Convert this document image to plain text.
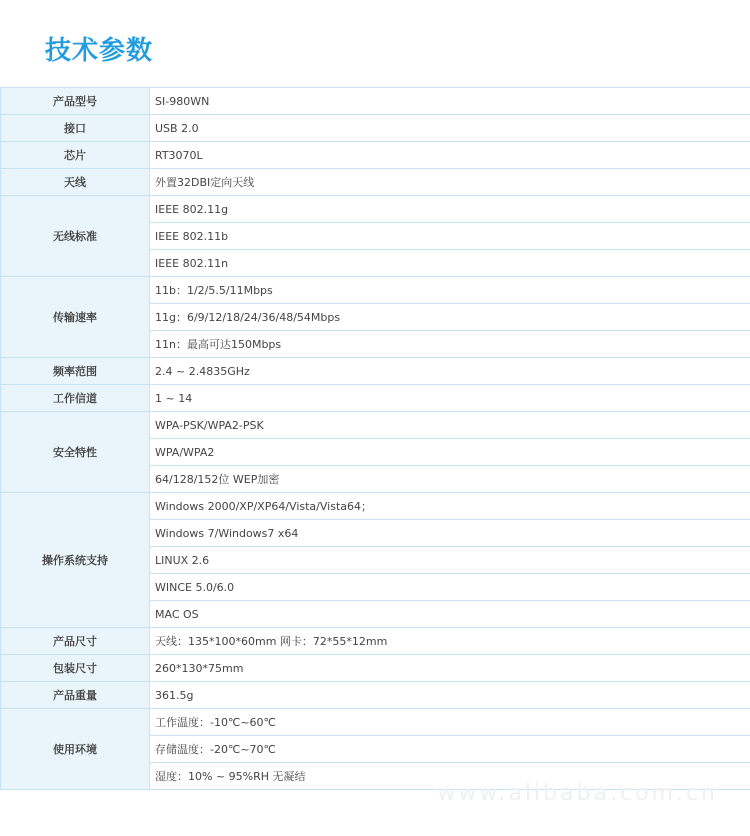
技术参数
产品型号	SI-980WN
接口	USB 2.0
芯片	RT3070L
天线	外置32DBI定向天线
无线标准	IEEE 802.11g
	IEEE 802.11b
	IEEE 802.11n
传输速率	11b：1/2/5.5/11Mbps
	11g：6/9/12/18/24/36/48/54Mbps
	11n：最高可达150Mbps
频率范围	2.4 ~ 2.4835GHz
工作信道	1 ~ 14
安全特性	WPA-PSK/WPA2-PSK
	WPA/WPA2
	64/128/152位 WEP加密
操作系统支持	Windows 2000/XP/XP64/Vista/Vista64；
	Windows 7/Windows7 x64
	LINUX 2.6
	WINCE 5.0/6.0
	MAC OS
产品尺寸	天线：135*100*60mm 网卡：72*55*12mm
包装尺寸	260*130*75mm
产品重量	361.5g
使用环境	工作温度：-10℃~60℃
	存储温度：-20℃~70℃
	湿度：10% ~ 95%RH 无凝结
www.alibaba.com.cn
